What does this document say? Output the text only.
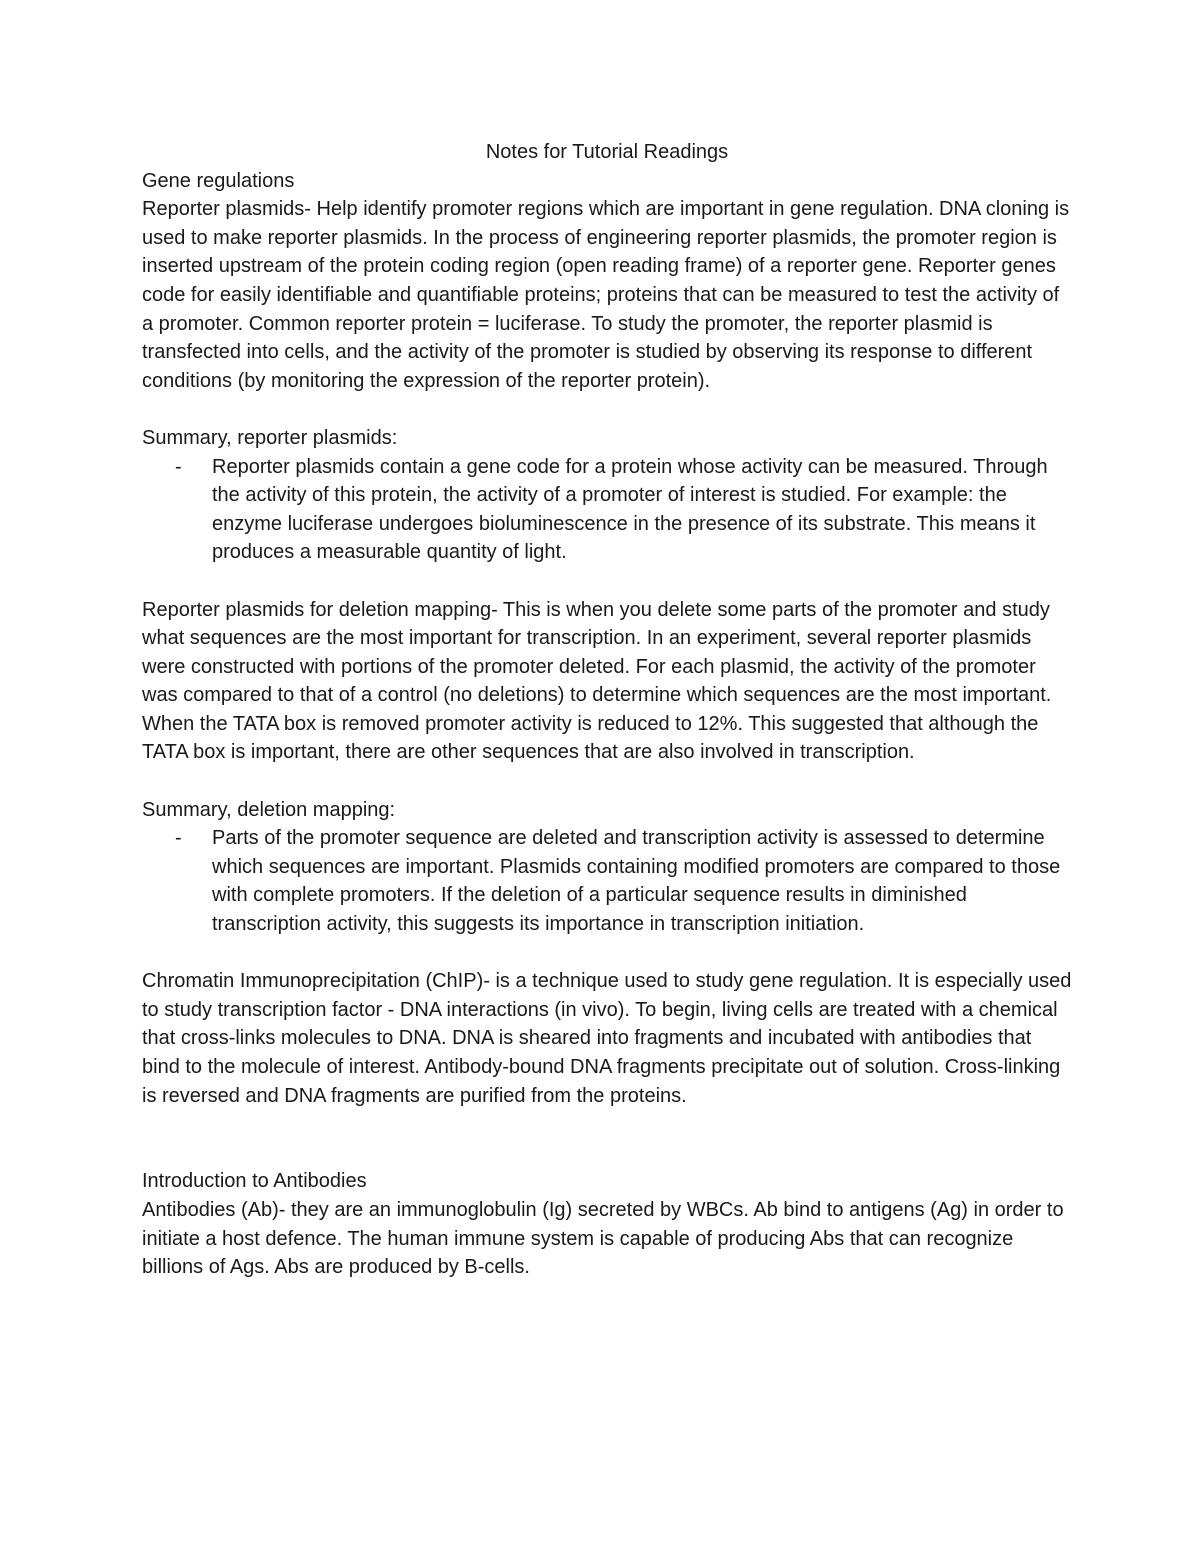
Notes for Tutorial Readings

Gene regulations

Reporter plasmids- Help identify promoter regions which are important in gene regulation. DNA cloning is used to make reporter plasmids. In the process of engineering reporter plasmids, the promoter region is inserted upstream of the protein coding region (open reading frame) of a reporter gene. Reporter genes code for easily identifiable and quantifiable proteins; proteins that can be measured to test the activity of a promoter. Common reporter protein = luciferase. To study the promoter, the reporter plasmid is transfected into cells, and the activity of the promoter is studied by observing its response to different conditions (by monitoring the expression of the reporter protein).

Summary, reporter plasmids:

-	Reporter plasmids contain a gene code for a protein whose activity can be measured. Through the activity of this protein, the activity of a promoter of interest is studied. For example: the enzyme luciferase undergoes bioluminescence in the presence of its substrate. This means it produces a measurable quantity of light.

Reporter plasmids for deletion mapping- This is when you delete some parts of the promoter and study what sequences are the most important for transcription. In an experiment, several reporter plasmids were constructed with portions of the promoter deleted. For each plasmid, the activity of the promoter was compared to that of a control (no deletions) to determine which sequences are the most important. When the TATA box is removed promoter activity is reduced to 12%. This suggested that although the TATA box is important, there are other sequences that are also involved in transcription.

Summary, deletion mapping:

-	Parts of the promoter sequence are deleted and transcription activity is assessed to determine which sequences are important. Plasmids containing modified promoters are compared to those with complete promoters. If the deletion of a particular sequence results in diminished transcription activity, this suggests its importance in transcription initiation.

Chromatin Immunoprecipitation (ChIP)- is a technique used to study gene regulation. It is especially used to study transcription factor - DNA interactions (in vivo). To begin, living cells are treated with a chemical that cross-links molecules to DNA. DNA is sheared into fragments and incubated with antibodies that bind to the molecule of interest. Antibody-bound DNA fragments precipitate out of solution. Cross-linking is reversed and DNA fragments are purified from the proteins.

Introduction to Antibodies

Antibodies (Ab)- they are an immunoglobulin (Ig) secreted by WBCs. Ab bind to antigens (Ag) in order to initiate a host defence. The human immune system is capable of producing Abs that can recognize billions of Ags. Abs are produced by B-cells.
